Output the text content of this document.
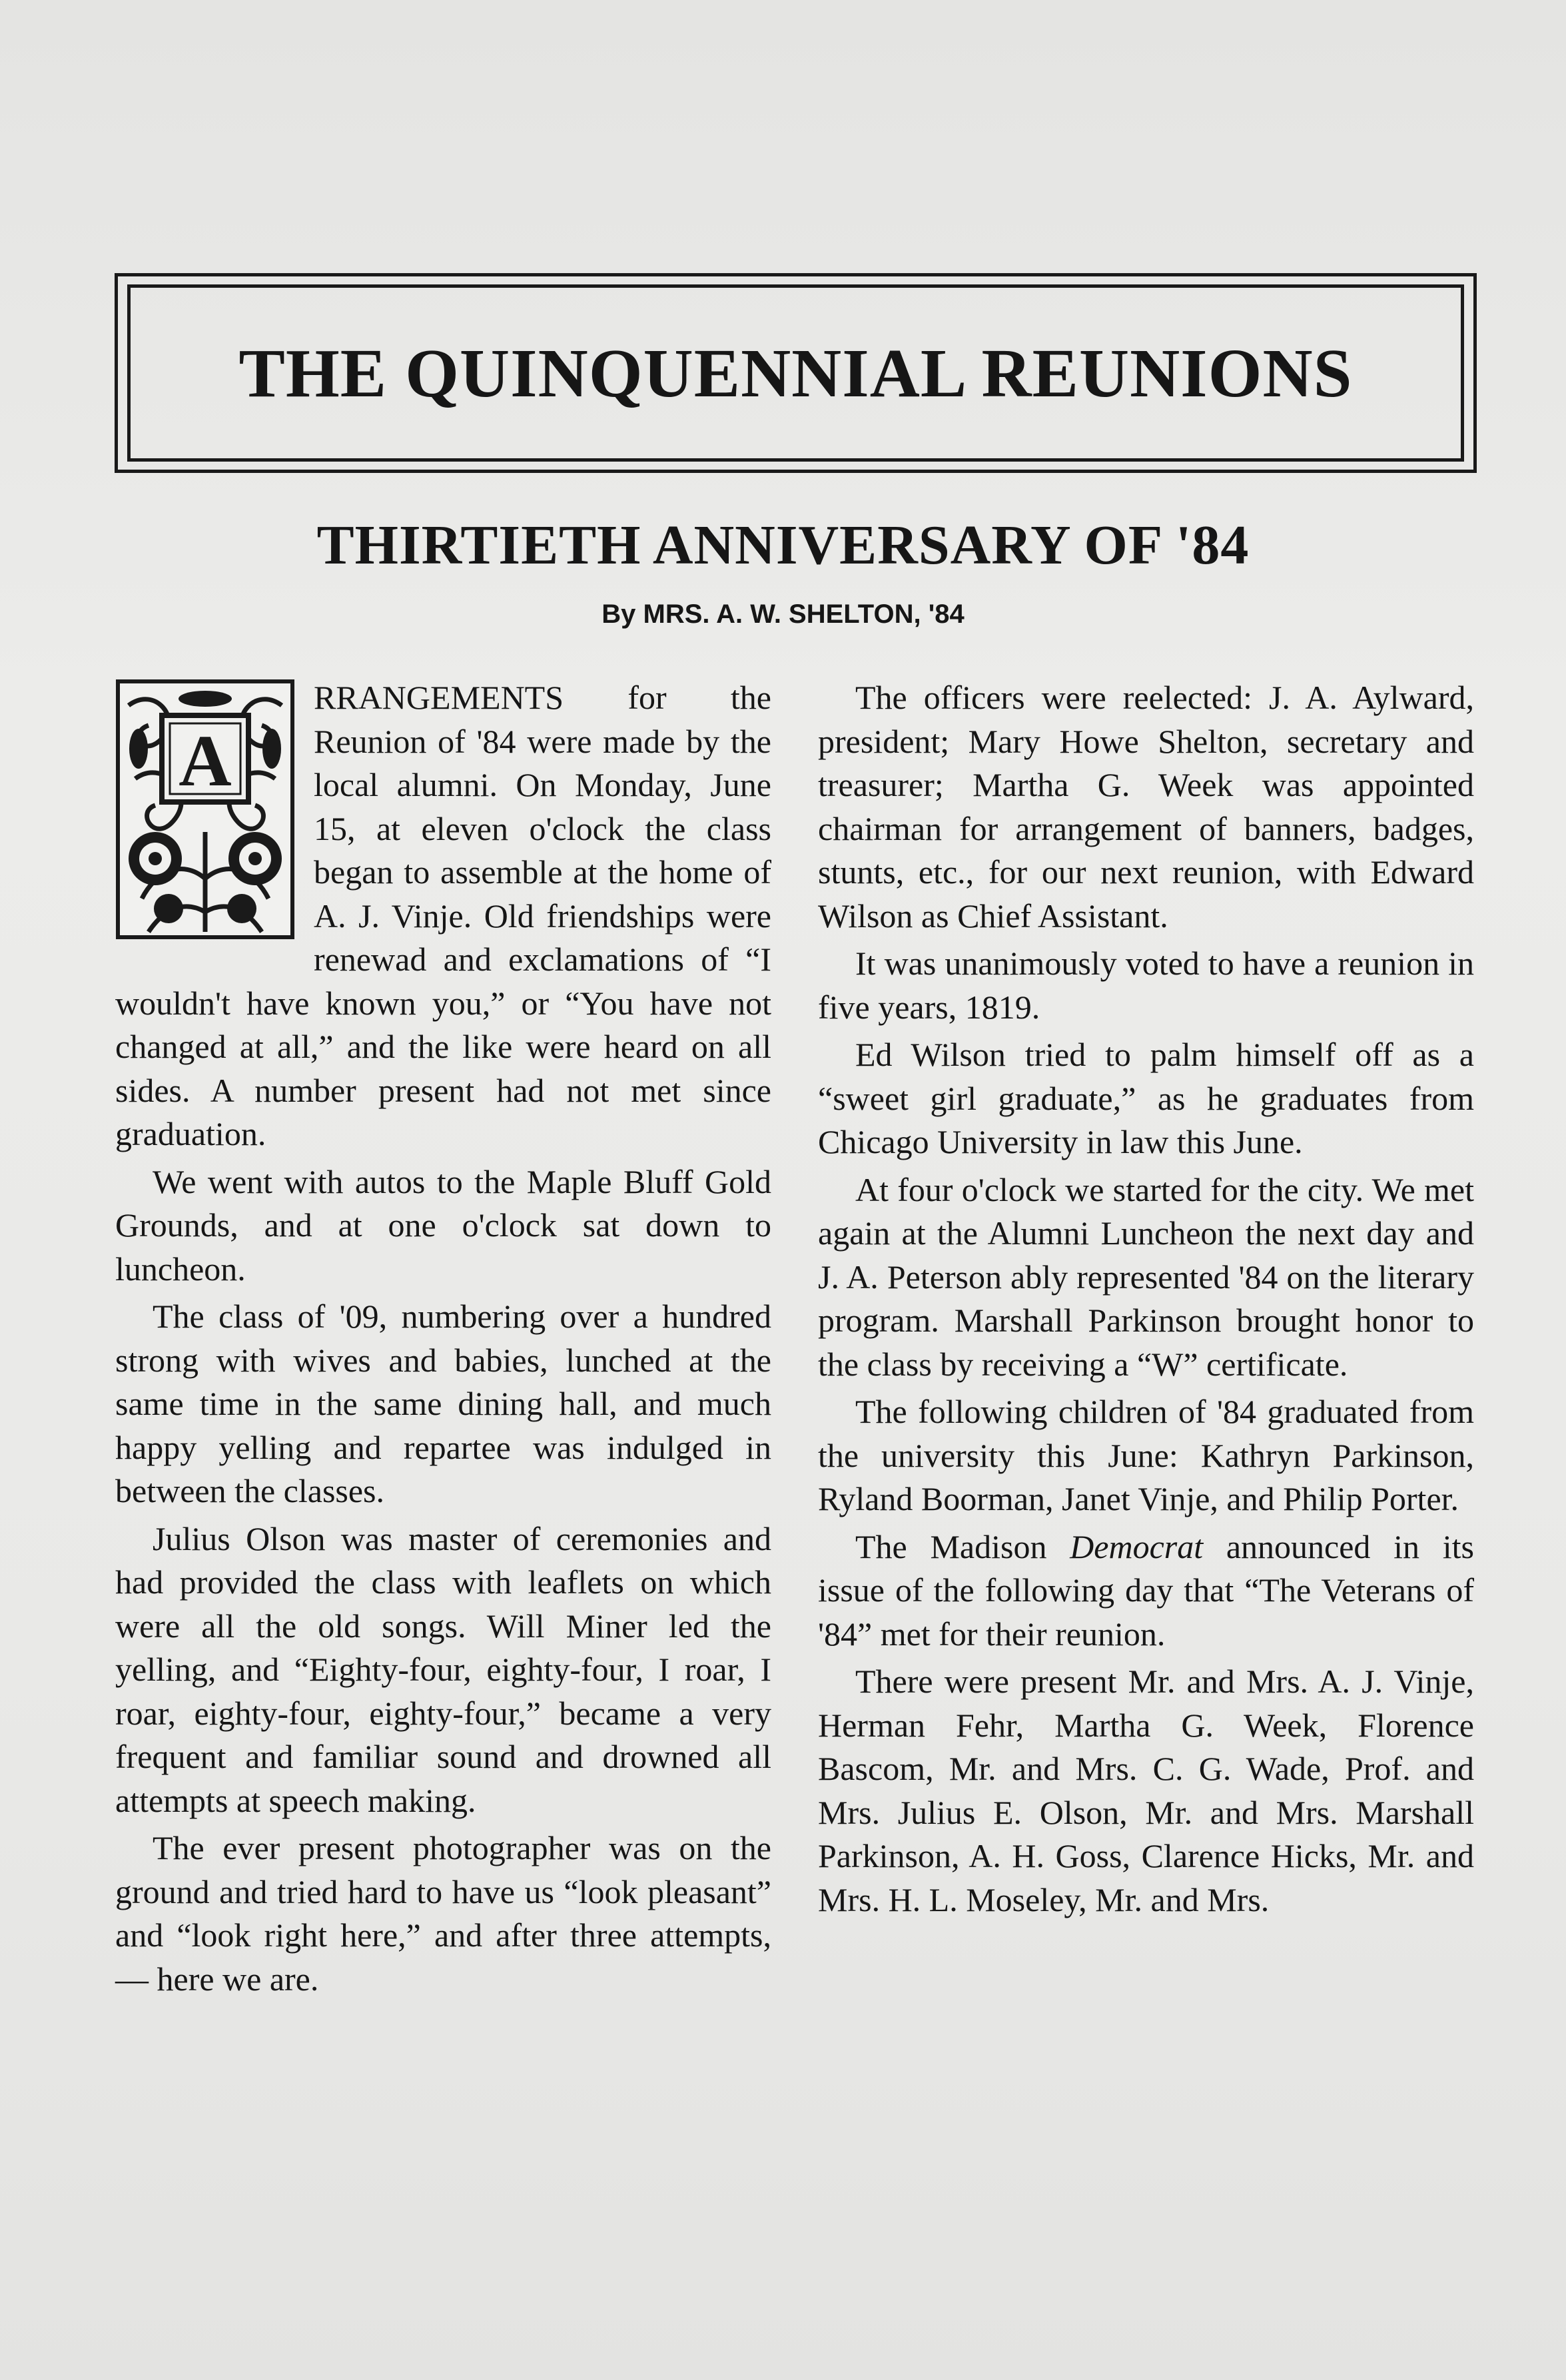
THE QUINQUENNIAL REUNIONS
THIRTIETH ANNIVERSARY OF '84
By MRS. A. W. SHELTON, '84

A
RRANGEMENTS for the Reunion of '84 were made by the local alumni. On Monday, June 15, at eleven o'clock the class began to assemble at the home of A. J. Vinje. Old friendships were renewad and exclamations of “I wouldn't have known you,” or “You have not changed at all,” and the like were heard on all sides. A number present had not met since graduation.

We went with autos to the Maple Bluff Gold Grounds, and at one o'clock sat down to luncheon.

The class of '09, numbering over a hundred strong with wives and babies, lunched at the same time in the same dining hall, and much happy yelling and repartee was indulged in between the classes.

Julius Olson was master of ceremonies and had provided the class with leaflets on which were all the old songs. Will Miner led the yelling, and “Eighty-four, eighty-four, I roar, I roar, eighty-four, eighty-four,” became a very frequent and familiar sound and drowned all attempts at speech making.

The ever present photographer was on the ground and tried hard to have us “look pleasant” and “look right here,” and after three attempts, — here we are.

The officers were reelected: J. A. Aylward, president; Mary Howe Shelton, secretary and treasurer; Martha G. Week was appointed chairman for arrangement of banners, badges, stunts, etc., for our next reunion, with Edward Wilson as Chief Assistant.

It was unanimously voted to have a reunion in five years, 1819.

Ed Wilson tried to palm himself off as a “sweet girl graduate,” as he graduates from Chicago University in law this June.

At four o'clock we started for the city. We met again at the Alumni Luncheon the next day and J. A. Peterson ably represented '84 on the literary program. Marshall Parkinson brought honor to the class by receiving a “W” certificate.

The following children of '84 graduated from the university this June: Kathryn Parkinson, Ryland Boorman, Janet Vinje, and Philip Porter.

The Madison Democrat announced in its issue of the following day that “The Veterans of '84” met for their reunion.

There were present Mr. and Mrs. A. J. Vinje, Herman Fehr, Martha G. Week, Florence Bascom, Mr. and Mrs. C. G. Wade, Prof. and Mrs. Julius E. Olson, Mr. and Mrs. Marshall Parkinson, A. H. Goss, Clarence Hicks, Mr. and Mrs. H. L. Moseley, Mr. and Mrs.
